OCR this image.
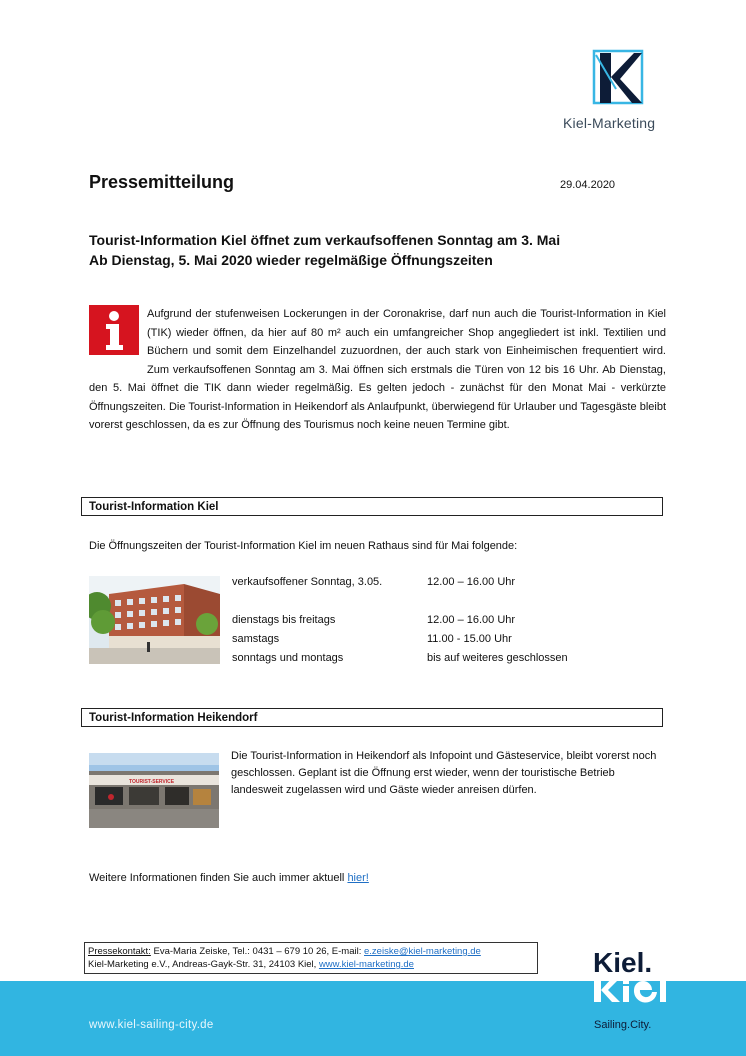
Kiel-Marketing
Pressemitteilung	29.04.2020
Tourist-Information Kiel öffnet zum verkaufsoffenen Sonntag am 3. Mai
Ab Dienstag, 5. Mai 2020 wieder regelmäßige Öffnungszeiten
Aufgrund der stufenweisen Lockerungen in der Coronakrise, darf nun auch die Tourist-Information in Kiel (TIK) wieder öffnen, da hier auf 80 m² auch ein umfangreicher Shop angegliedert ist inkl. Textilien und Büchern und somit dem Einzelhandel zuzuordnen, der auch stark von Einheimischen frequentiert wird. Zum verkaufsoffenen Sonntag am 3. Mai öffnen sich erstmals die Türen von 12 bis 16 Uhr. Ab Dienstag, den 5. Mai öffnet die TIK dann wieder regelmäßig. Es gelten jedoch - zunächst für den Monat Mai - verkürzte Öffnungszeiten. Die Tourist-Information in Heikendorf als Anlaufpunkt, überwiegend für Urlauber und Tagesgäste bleibt vorerst geschlossen, da es zur Öffnung des Tourismus noch keine neuen Termine gibt.
Tourist-Information Kiel
Die Öffnungszeiten der Tourist-Information Kiel im neuen Rathaus sind für Mai folgende:
verkaufsoffener Sonntag, 3.05.	12.00 – 16.00 Uhr
dienstags bis freitags	12.00 – 16.00 Uhr
samstags	11.00 - 15.00 Uhr
sonntags und montags	bis auf weiteres geschlossen
Tourist-Information Heikendorf
TOURIST-SERVICE
Die Tourist-Information in Heikendorf als Infopoint und Gästeservice, bleibt vorerst noch geschlossen. Geplant ist die Öffnung erst wieder, wenn der touristische Betrieb landesweit zugelassen wird und Gäste wieder anreisen dürfen.
Weitere Informationen finden Sie auch immer aktuell hier!
Pressekontakt: Eva-Maria Zeiske, Tel.: 0431 – 679 10 26, E-mail: e.zeiske@kiel-marketing.de
Kiel-Marketing e.V., Andreas-Gayk-Str. 31, 24103 Kiel, www.kiel-marketing.de
www.kiel-sailing-city.de
Kiel.
Sailing.City.
